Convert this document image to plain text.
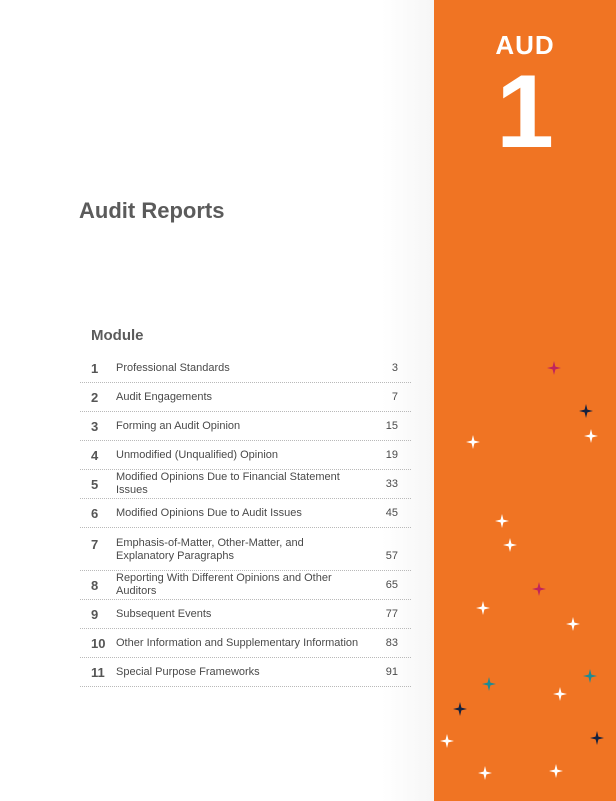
AUD
1
Audit Reports
Module
1	Professional Standards	3
2	Audit Engagements	7
3	Forming an Audit Opinion	15
4	Unmodified (Unqualified) Opinion	19
5	Modified Opinions Due to Financial Statement Issues	33
6	Modified Opinions Due to Audit Issues	45
7	Emphasis-of-Matter, Other-Matter, and Explanatory Paragraphs	57
8	Reporting With Different Opinions and Other Auditors	65
9	Subsequent Events	77
10 Other Information and Supplementary Information	83
11	Special Purpose Frameworks	91
